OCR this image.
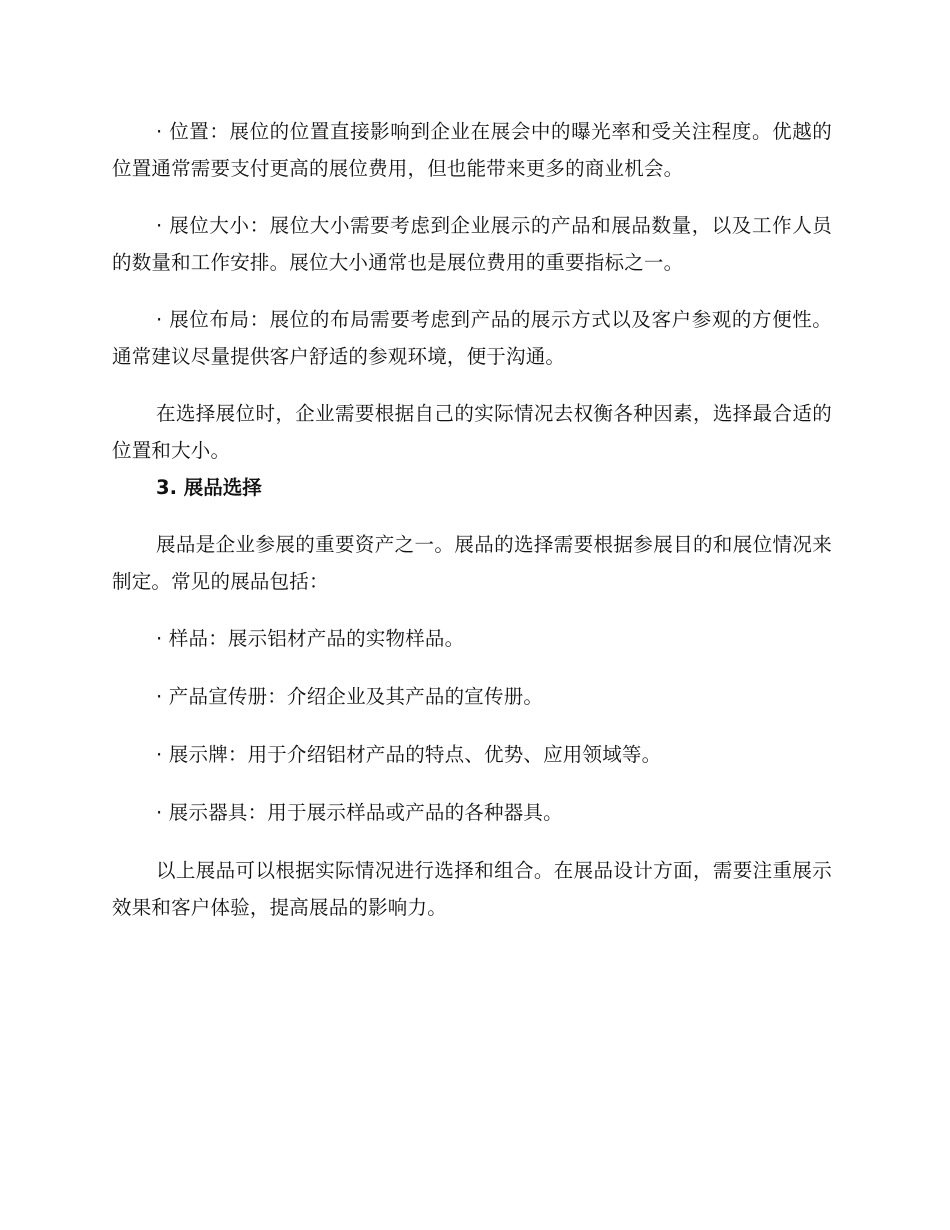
· 位置：展位的位置直接影响到企业在展会中的曝光率和受关注程度。优越的位置通常需要支付更高的展位费用，但也能带来更多的商业机会。

· 展位大小：展位大小需要考虑到企业展示的产品和展品数量，以及工作人员的数量和工作安排。展位大小通常也是展位费用的重要指标之一。

· 展位布局：展位的布局需要考虑到产品的展示方式以及客户参观的方便性。通常建议尽量提供客户舒适的参观环境，便于沟通。

在选择展位时，企业需要根据自己的实际情况去权衡各种因素，选择最合适的位置和大小。

3. 展品选择

展品是企业参展的重要资产之一。展品的选择需要根据参展目的和展位情况来制定。常见的展品包括：

· 样品：展示铝材产品的实物样品。

· 产品宣传册：介绍企业及其产品的宣传册。

· 展示牌：用于介绍铝材产品的特点、优势、应用领域等。

· 展示器具：用于展示样品或产品的各种器具。

以上展品可以根据实际情况进行选择和组合。在展品设计方面，需要注重展示效果和客户体验，提高展品的影响力。
